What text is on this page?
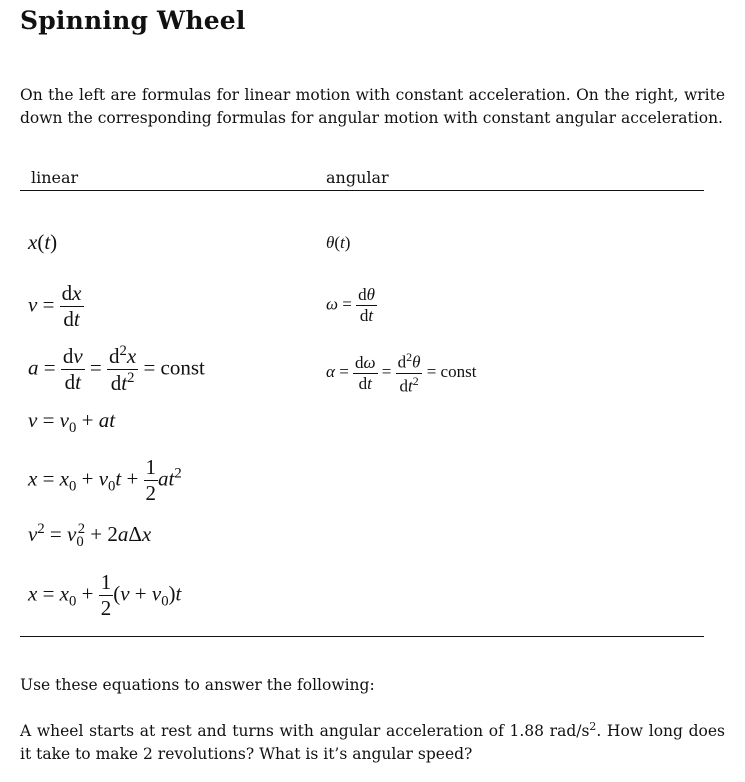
Spinning Wheel
On the left are formulas for linear motion with constant acceleration. On the right, write down the corresponding formulas for angular motion with constant angular acceleration.
linear	angular
x(t)
$v = \frac{dx}{dt}$
$a = \frac{dv}{dt} = \frac{d^2x}{dt^2}$ = const
$v = v_0$ + at
$x = x_0 + v_0t + \frac{1}{2} at^2$
$v^2 = v_0^2 + 2a\Delta x$
$x = x_0 + \frac{1}{2} (v + v_0)t$
θ(t)
$\omega = \frac{d\theta}{dt}$
$\alpha = \frac{d\omega}{dt} = \frac{d^2\theta}{dt^2}$ = const
Use these equations to answer the following:
A wheel starts at rest and turns with angular acceleration of 1.88 rad/$s^2$. How long does it take to make 2 revolutions? What is it’s angular speed?
